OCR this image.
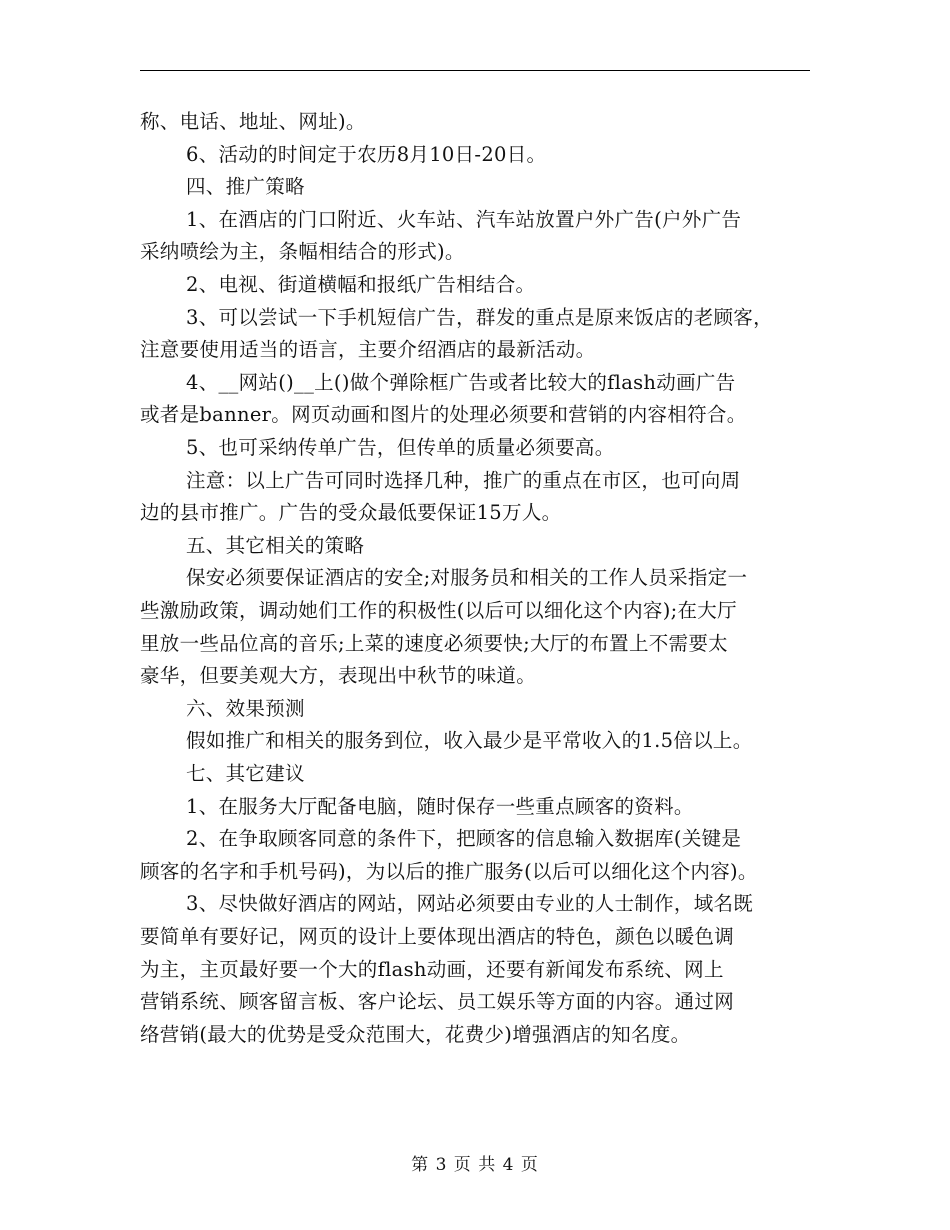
称、电话、地址、网址)。
6、活动的时间定于农历8月10日-20日。
四、推广策略
1、在酒店的门口附近、火车站、汽车站放置户外广告(户外广告
采纳喷绘为主，条幅相结合的形式)。
2、电视、街道横幅和报纸广告相结合。
3、可以尝试一下手机短信广告，群发的重点是原来饭店的老顾客，
注意要使用适当的语言，主要介绍酒店的最新活动。
4、__网站()__上()做个弹除框广告或者比较大的flash动画广告
或者是banner。网页动画和图片的处理必须要和营销的内容相符合。
5、也可采纳传单广告，但传单的质量必须要高。
注意：以上广告可同时选择几种，推广的重点在市区，也可向周
边的县市推广。广告的受众最低要保证15万人。
五、其它相关的策略
保安必须要保证酒店的安全;对服务员和相关的工作人员采指定一
些激励政策，调动她们工作的积极性(以后可以细化这个内容);在大厅
里放一些品位高的音乐;上菜的速度必须要快;大厅的布置上不需要太
豪华，但要美观大方，表现出中秋节的味道。
六、效果预测
假如推广和相关的服务到位，收入最少是平常收入的1.5倍以上。
七、其它建议
1、在服务大厅配备电脑，随时保存一些重点顾客的资料。
2、在争取顾客同意的条件下，把顾客的信息输入数据库(关键是
顾客的名字和手机号码)，为以后的推广服务(以后可以细化这个内容)。
3、尽快做好酒店的网站，网站必须要由专业的人士制作，域名既
要简单有要好记，网页的设计上要体现出酒店的特色，颜色以暖色调
为主，主页最好要一个大的flash动画，还要有新闻发布系统、网上
营销系统、顾客留言板、客户论坛、员工娱乐等方面的内容。通过网
络营销(最大的优势是受众范围大，花费少)增强酒店的知名度。
第 3 页 共 4 页
